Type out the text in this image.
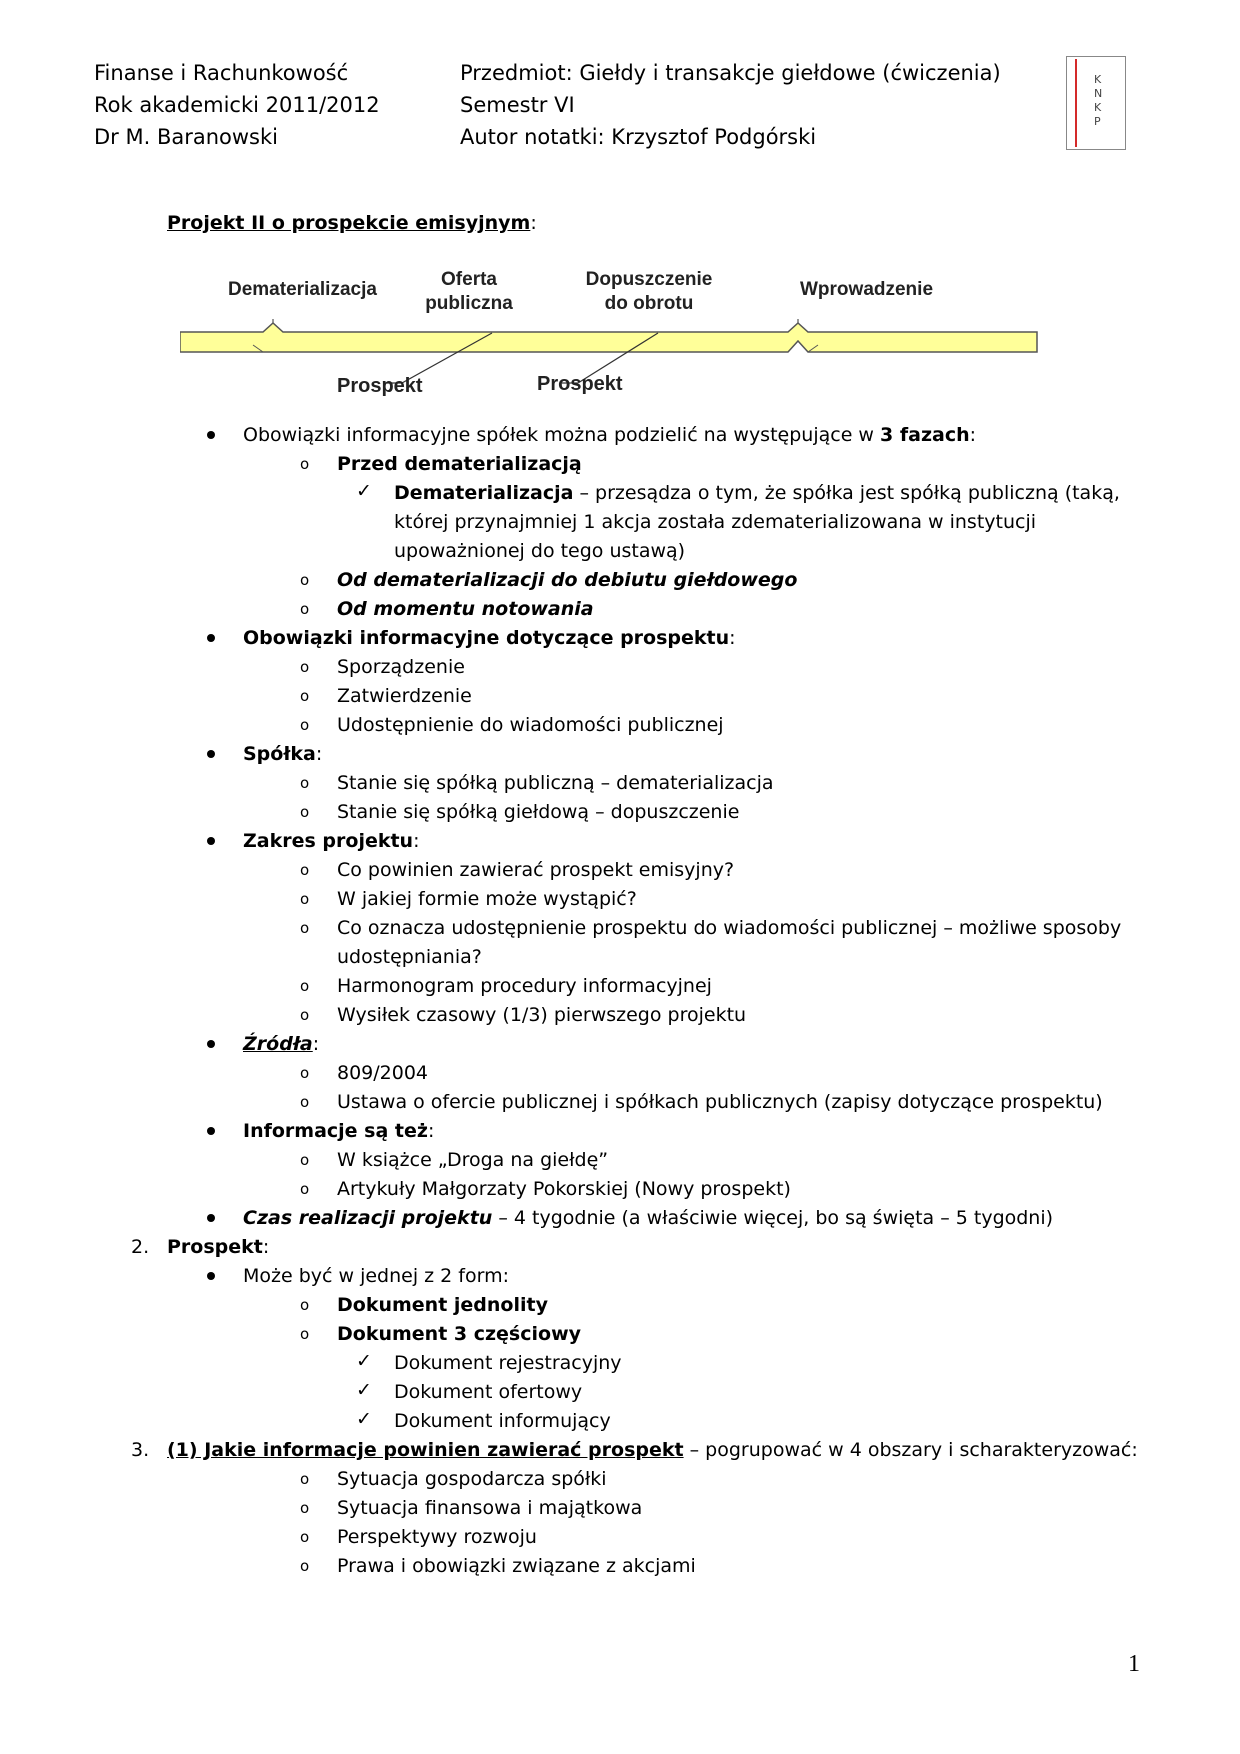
Finanse i Rachunkowość
Rok akademicki 2011/2012
Dr M. Baranowski
Przedmiot: Giełdy i transakcje giełdowe (ćwiczenia)
Semestr VI
Autor notatki: Krzysztof Podgórski
K
N
K
P
Projekt II o prospekcie emisyjnym:
Dematerializacja	Oferta
publiczna
Dopuszczenie
do obrotu
Wprowadzenie
Prospekt	Prospekt
Obowiązki informacyjne spółek można podzielić na występujące w 3 fazach:
o Przed dematerializacją
✓ Dematerializacja – przesądza o tym, że spółka jest spółką publiczną (taką,
której przynajmniej 1 akcja została zdematerializowana w instytucji
upoważnionej do tego ustawą)
o Od dematerializacji do debiutu giełdowego
o Od momentu notowania
Obowiązki informacyjne dotyczące prospektu:
o Sporządzenie
o Zatwierdzenie
o Udostępnienie do wiadomości publicznej
Spółka:
o Stanie się spółką publiczną – dematerializacja
o Stanie się spółką giełdową – dopuszczenie
Zakres projektu:
o Co powinien zawierać prospekt emisyjny?
o W jakiej formie może wystąpić?
o Co oznacza udostępnienie prospektu do wiadomości publicznej – możliwe sposoby
udostępniania?
o Harmonogram procedury informacyjnej
o Wysiłek czasowy (1/3) pierwszego projektu
Źródła:
o 809/2004
o Ustawa o ofercie publicznej i spółkach publicznych (zapisy dotyczące prospektu)
Informacje są też:
o W książce „Droga na giełdę”
o Artykuły Małgorzaty Pokorskiej (Nowy prospekt)
Czas realizacji projektu – 4 tygodnie (a właściwie więcej, bo są święta – 5 tygodni)
2. Prospekt:
Może być w jednej z 2 form:
o Dokument jednolity
o Dokument 3 częściowy
✓ Dokument rejestracyjny
✓ Dokument ofertowy
✓ Dokument informujący
3. (1) Jakie informacje powinien zawierać prospekt – pogrupować w 4 obszary i scharakteryzować:
o Sytuacja gospodarcza spółki
o Sytuacja finansowa i majątkowa
o Perspektywy rozwoju
o Prawa i obowiązki związane z akcjami
1
